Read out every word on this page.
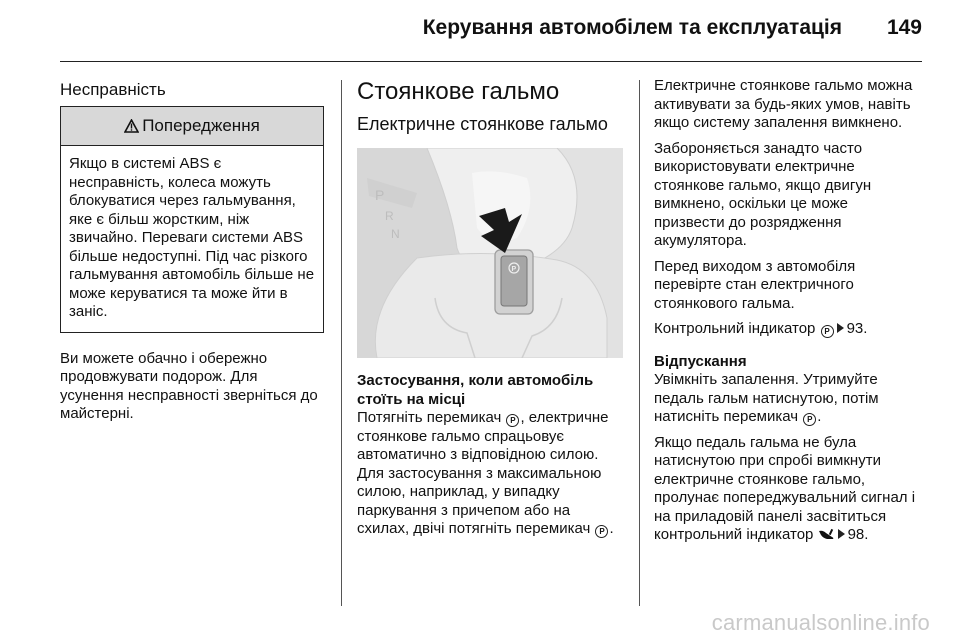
Керування автомобілем та експлуатація 149
Несправність
Попередження
Якщо в системі ABS є несправність, колеса можуть блокуватися через гальмування, яке є більш жорстким, ніж звичайно. Переваги системи ABS більше недоступні. Під час різкого гальмування автомобіль більше не може керуватися та може йти в заніс.

Ви можете обачно і обережно продовжувати подорож. Для усунення несправності зверніться до майстерні.

Стоянкове гальмо
Електричне стоянкове гальмо
P
R
N
P
Застосування, коли автомобіль стоїть на місці

Потягніть перемикач P , електричне стоянкове гальмо спрацьовує автоматично з відповідною силою. Для застосування з максимальною силою, наприклад, у випадку паркування з причепом або на схилах, двічі потягніть перемикач P .

Електричне стоянкове гальмо можна активувати за будь-яких умов, навіть якщо систему запалення вимкнено.

Забороняється занадто часто використовувати електричне стоянкове гальмо, якщо двигун вимкнено, оскільки це може призвести до розрядження акумулятора.

Перед виходом з автомобіля перевірте стан електричного стоянкового гальма.

Контрольний індикатор P 93.

Відпускання

Увімкніть запалення. Утримуйте педаль гальм натиснутою, потім натисніть перемикач P .

Якщо педаль гальма не була натиснутою при спробі вимкнути електричне стоянкове гальмо, пролунає попереджувальний сигнал і на приладовій панелі засвітиться контрольний індикатор 98.

carmanualsonline.info
